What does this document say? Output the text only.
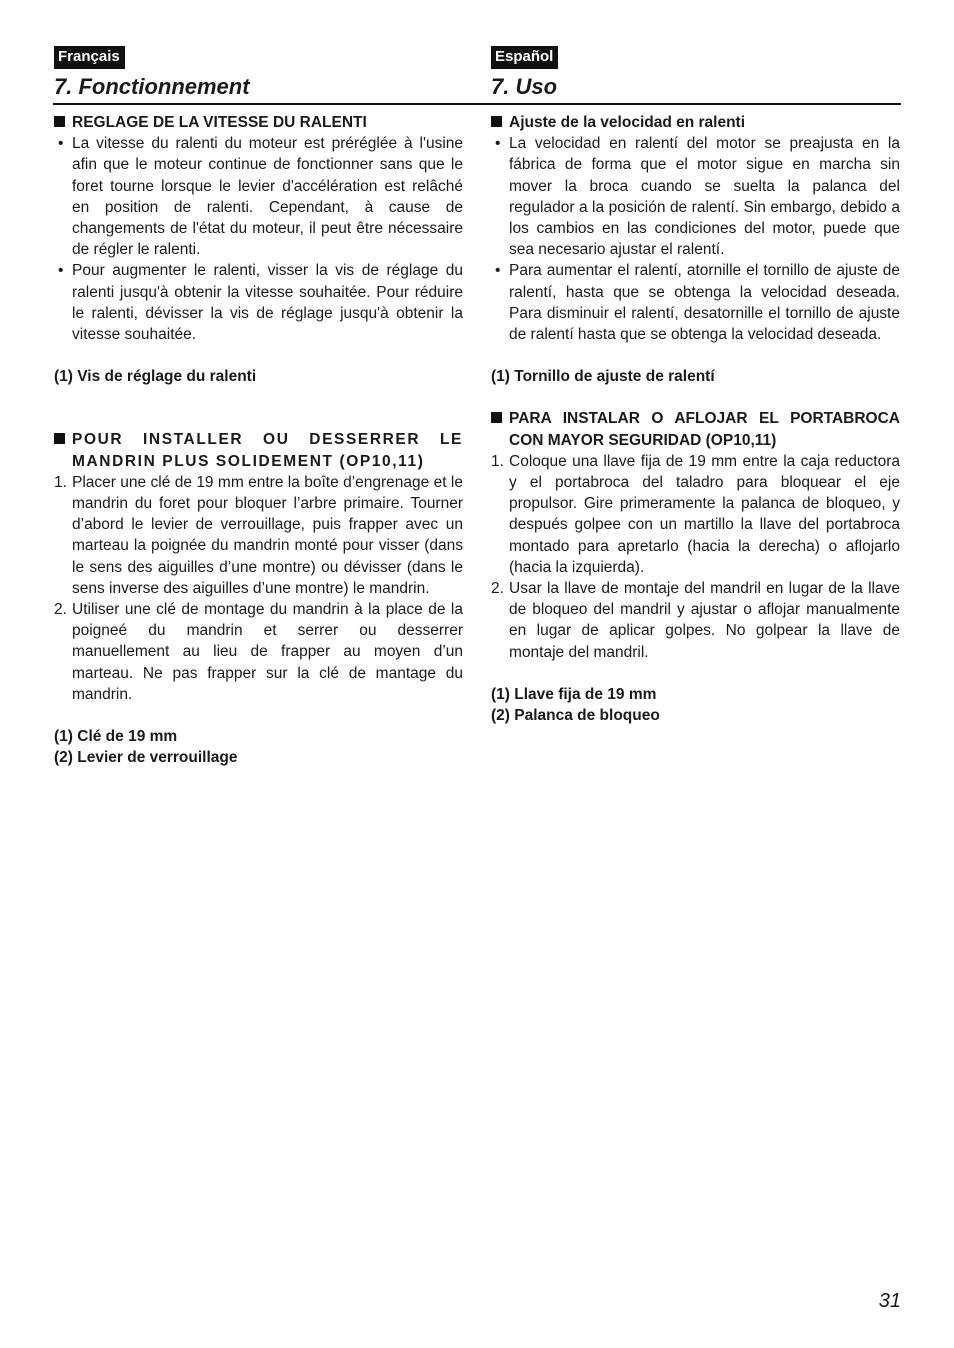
Français
7. Fonctionnement
Español
7. Uso
REGLAGE DE LA VITESSE DU RALENTI
• La vitesse du ralenti du moteur est préréglée à l'usine afin que le moteur continue de fonctionner sans que le foret tourne lorsque le levier d'accélération est relâché en position de ralenti. Cependant, à cause de changements de l'état du moteur, il peut être nécessaire de régler le ralenti.
• Pour augmenter le ralenti, visser la vis de réglage du ralenti jusqu'à obtenir la vitesse souhaitée. Pour réduire le ralenti, dévisser la vis de réglage jusqu'à obtenir la vitesse souhaitée.
(1) Vis de réglage du ralenti
POUR INSTALLER OU DESSERRER LE MANDRIN PLUS SOLIDEMENT (OP10,11)
1. Placer une clé de 19 mm entre la boîte d’engrenage et le mandrin du foret pour bloquer l’arbre primaire. Tourner d’abord le levier de verrouillage, puis frapper avec un marteau la poignée du mandrin monté pour visser (dans le sens des aiguilles d’une montre) ou dévisser (dans le sens inverse des aiguilles d’une montre) le mandrin.
2. Utiliser une clé de montage du mandrin à la place de la poigneé du mandrin et serrer ou desserrer manuellement au lieu de frapper au moyen d’un marteau. Ne pas frapper sur la clé de mantage du mandrin.
(1) Clé de 19 mm
(2) Levier de verrouillage
Ajuste de la velocidad en ralenti
• La velocidad en ralentí del motor se preajusta en la fábrica de forma que el motor sigue en marcha sin mover la broca cuando se suelta la palanca del regulador a la posición de ralentí. Sin embargo, debido a los cambios en las condiciones del motor, puede que sea necesario ajustar el ralentí.
• Para aumentar el ralentí, atornille el tornillo de ajuste de ralentí, hasta que se obtenga la velocidad deseada. Para disminuir el ralentí, desatornille el tornillo de ajuste de ralentí hasta que se obtenga la velocidad deseada.
(1) Tornillo de ajuste de ralentí
PARA INSTALAR O AFLOJAR EL PORTABROCA CON MAYOR SEGURIDAD (OP10,11)
1. Coloque una llave fija de 19 mm entre la caja reductora y el portabroca del taladro para bloquear el eje propulsor. Gire primeramente la palanca de bloqueo, y después golpee con un martillo la llave del portabroca montado para apretarlo (hacia la derecha) o aflojarlo (hacia la izquierda).
2. Usar la llave de montaje del mandril en lugar de la llave de bloqueo del mandril y ajustar o aflojar manualmente en lugar de aplicar golpes. No golpear la llave de montaje del mandril.
(1) Llave fija de 19 mm
(2) Palanca de bloqueo
31
